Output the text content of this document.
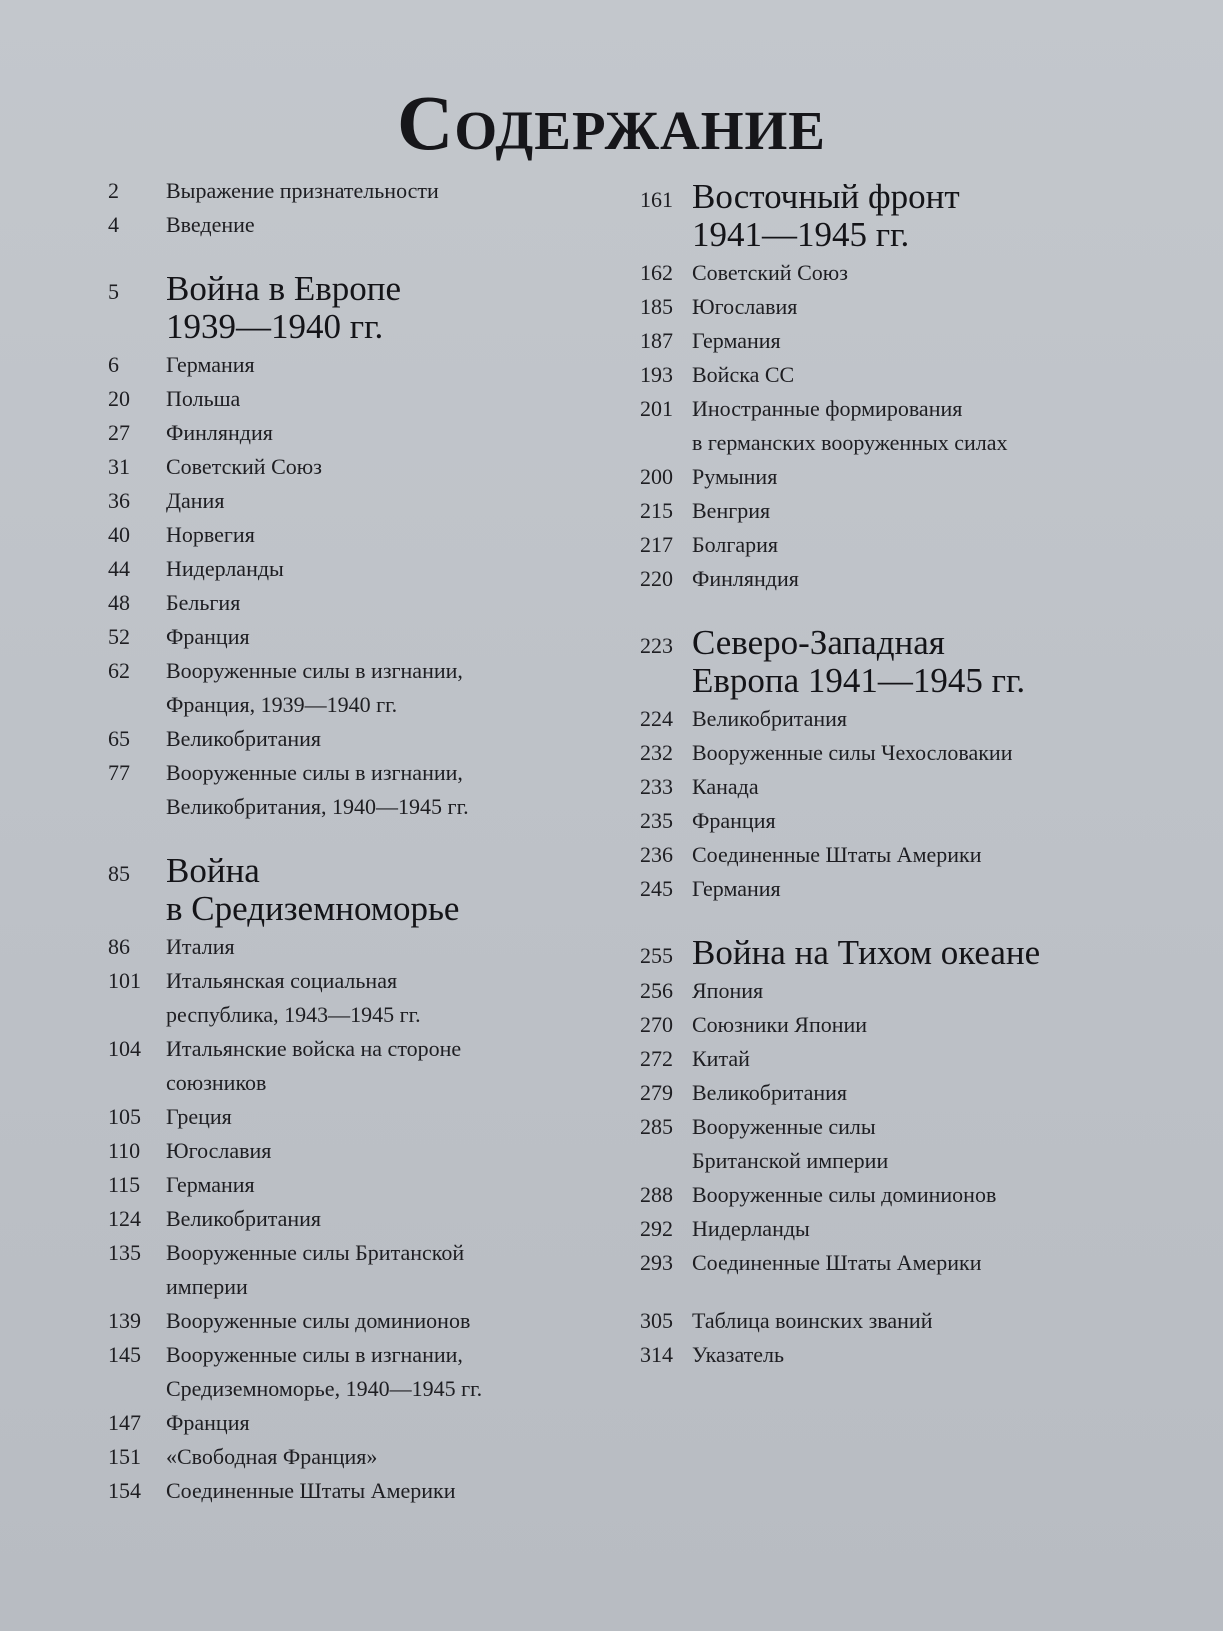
Содержание
2	Выражение признательности
4	Введение
5	Война в Европе
1939—1940 гг.
6	Германия
20	Польша
27	Финляндия
31	Советский Союз
36	Дания
40	Норвегия
44	Нидерланды
48	Бельгия
52	Франция
62	Вооруженные силы в изгнании,
Франция, 1939—1940 гг.
65	Великобритания
77	Вооруженные силы в изгнании,
Великобритания, 1940—1945 гг.
85	Война
в Средиземноморье
86	Италия
101	Итальянская социальная
республика, 1943—1945 гг.
104	Итальянские войска на стороне
союзников
105	Греция
110	Югославия
115	Германия
124	Великобритания
135	Вооруженные силы Британской
империи
139	Вооруженные силы доминионов
145	Вооруженные силы в изгнании,
Средиземноморье, 1940—1945 гг.
147	Франция
151	«Свободная Франция»
154	Соединенные Штаты Америки
161 Восточный фронт
1941—1945 гг.
162 Советский Союз
185 Югославия
187 Германия
193 Войска СС
201 Иностранные формирования
в германских вооруженных силах
200 Румыния
215 Венгрия
217 Болгария
220 Финляндия
223 Северо-Западная
Европа 1941—1945 гг.
224 Великобритания
232 Вооруженные силы Чехословакии
233 Канада
235 Франция
236 Соединенные Штаты Америки
245 Германия
255 Война на Тихом океане
256 Япония
270 Союзники Японии
272 Китай
279 Великобритания
285 Вооруженные силы
Британской империи
288 Вооруженные силы доминионов
292 Нидерланды
293 Соединенные Штаты Америки
305 Таблица воинских званий
314 Указатель
